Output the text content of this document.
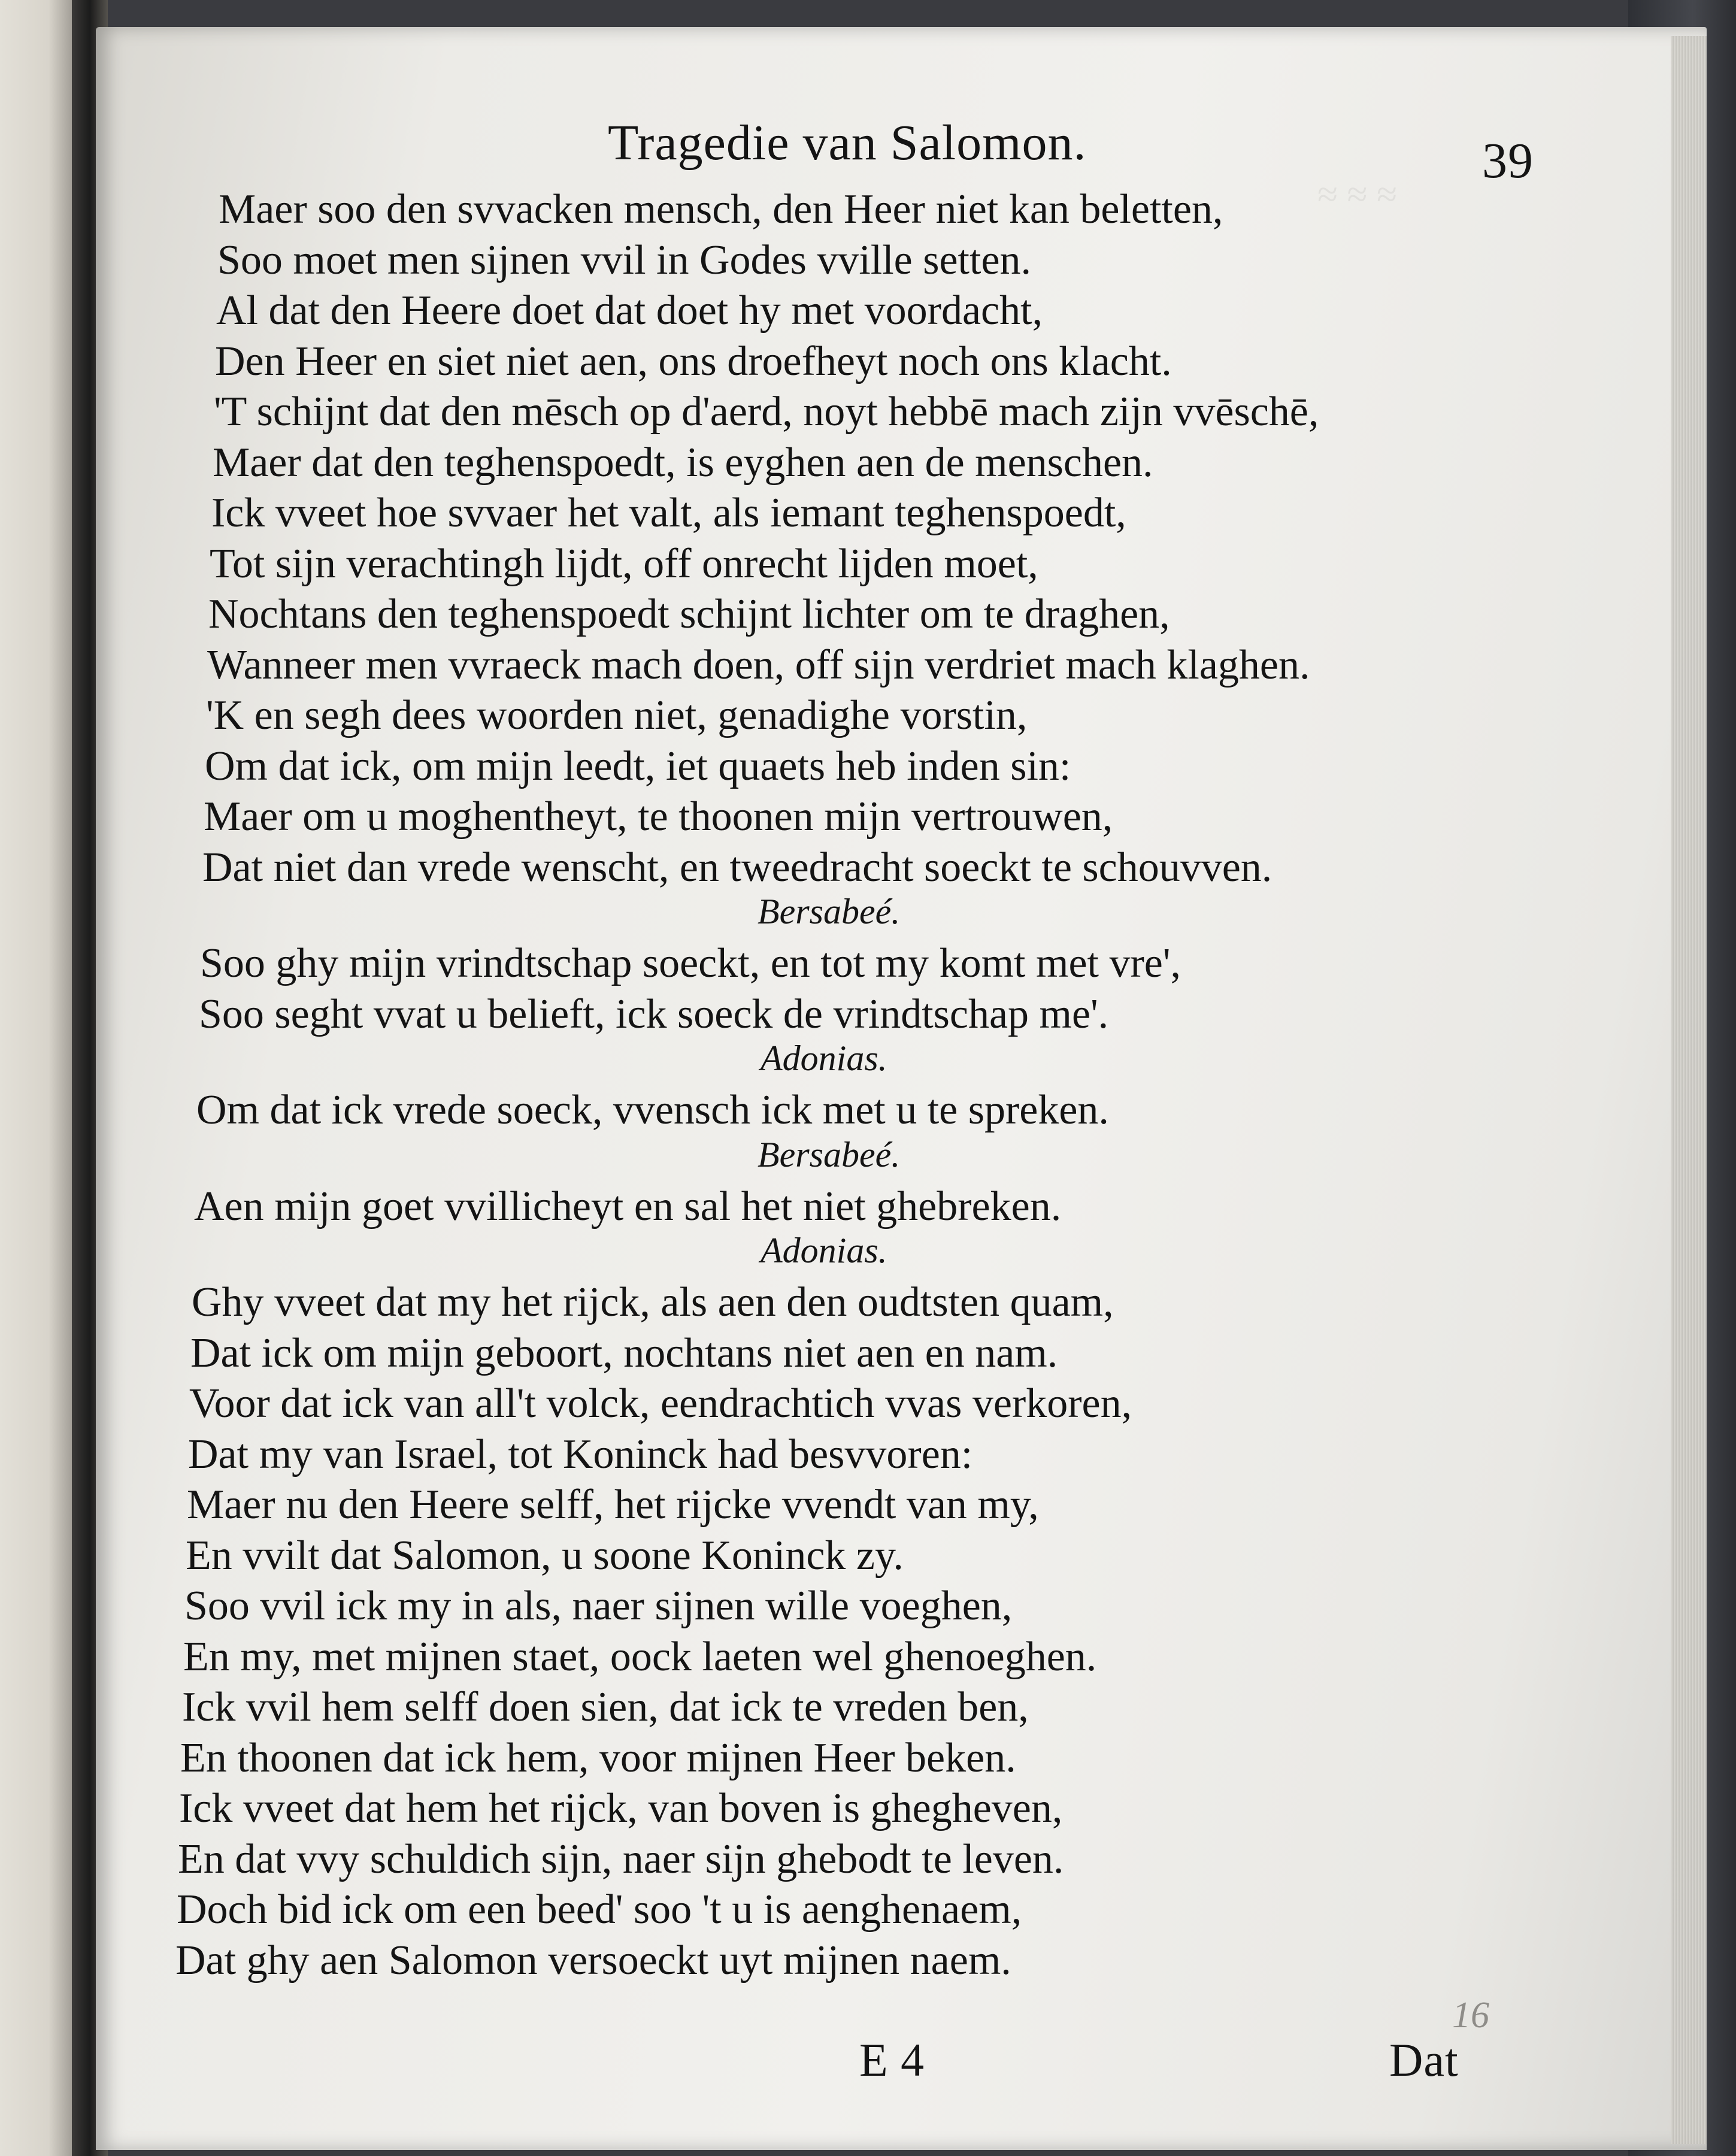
≈ ≈ ≈
Tragedie van Salomon.	39
Maer soo den svvacken mensch, den Heer niet kan beletten,
Soo moet men sijnen vvil in Godes vville setten.
Al dat den Heere doet dat doet hy met voordacht,
Den Heer en siet niet aen, ons droefheyt noch ons klacht.
'T schijnt dat den mēsch op d'aerd, noyt hebbē mach zijn vvēschē,
Maer dat den teghenspoedt, is eyghen aen de menschen.
Ick vveet hoe svvaer het valt, als iemant teghenspoedt,
Tot sijn verachtingh lijdt, off onrecht lijden moet,
Nochtans den teghenspoedt schijnt lichter om te draghen,
Wanneer men vvraeck mach doen, off sijn verdriet mach klaghen.
'K en segh dees woorden niet, genadighe vorstin,
Om dat ick, om mijn leedt, iet quaets heb inden sin:
Maer om u moghentheyt, te thoonen mijn vertrouwen,
Dat niet dan vrede wenscht, en tweedracht soeckt te schouvven.
Bersabeé.
Soo ghy mijn vrindtschap soeckt, en tot my komt met vre',
Soo seght vvat u belieft, ick soeck de vrindtschap me'.
Adonias.
Om dat ick vrede soeck, vvensch ick met u te spreken.
Bersabeé.
Aen mijn goet vvillicheyt en sal het niet ghebreken.
Adonias.
Ghy vveet dat my het rijck, als aen den oudtsten quam,
Dat ick om mijn geboort, nochtans niet aen en nam.
Voor dat ick van all't volck, eendrachtich vvas verkoren,
Dat my van Israel, tot Koninck had besvvoren:
Maer nu den Heere selff, het rijcke vvendt van my,
En vvilt dat Salomon, u soone Koninck zy.
Soo vvil ick my in als, naer sijnen wille voeghen,
En my, met mijnen staet, oock laeten wel ghenoeghen.
Ick vvil hem selff doen sien, dat ick te vreden ben,
En thoonen dat ick hem, voor mijnen Heer beken.
Ick vveet dat hem het rijck, van boven is ghegheven,
En dat vvy schuldich sijn, naer sijn ghebodt te leven.
Doch bid ick om een beed' soo 't u is aenghenaem,
Dat ghy aen Salomon versoeckt uyt mijnen naem.
16
E 4	Dat
